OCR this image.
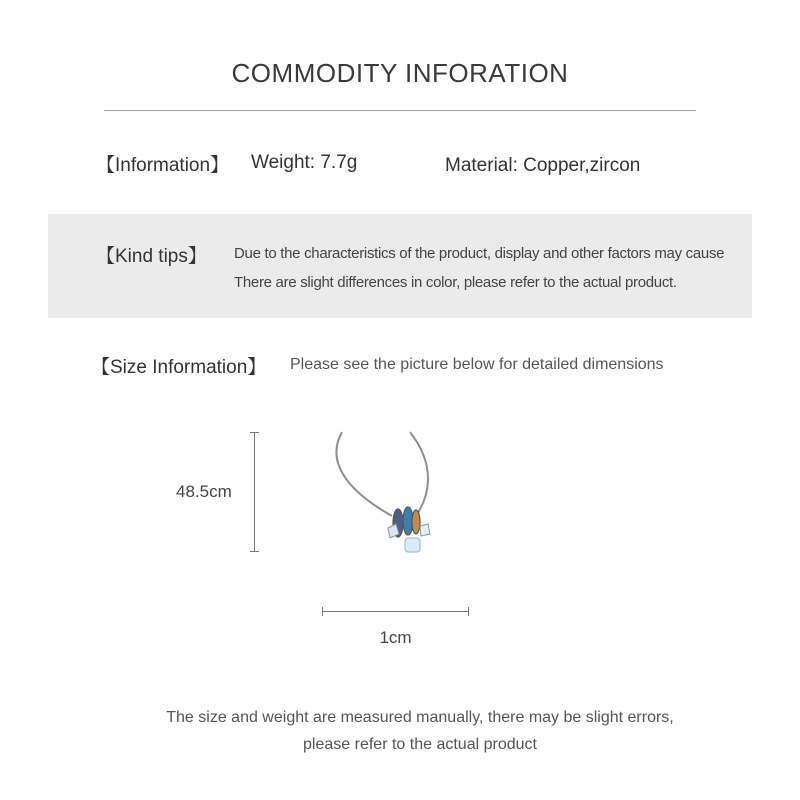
COMMODITY INFORATION
【Information】 Weight: 7.7g	Material: Copper,zircon
【Kind tips】 Due to the characteristics of the product, display and other factors may cause
There are slight differences in color, please refer to the actual product.
【Size Information】 Please see the picture below for detailed dimensions
48.5cm
1cm
The size and weight are measured manually, there may be slight errors,
please refer to the actual product
